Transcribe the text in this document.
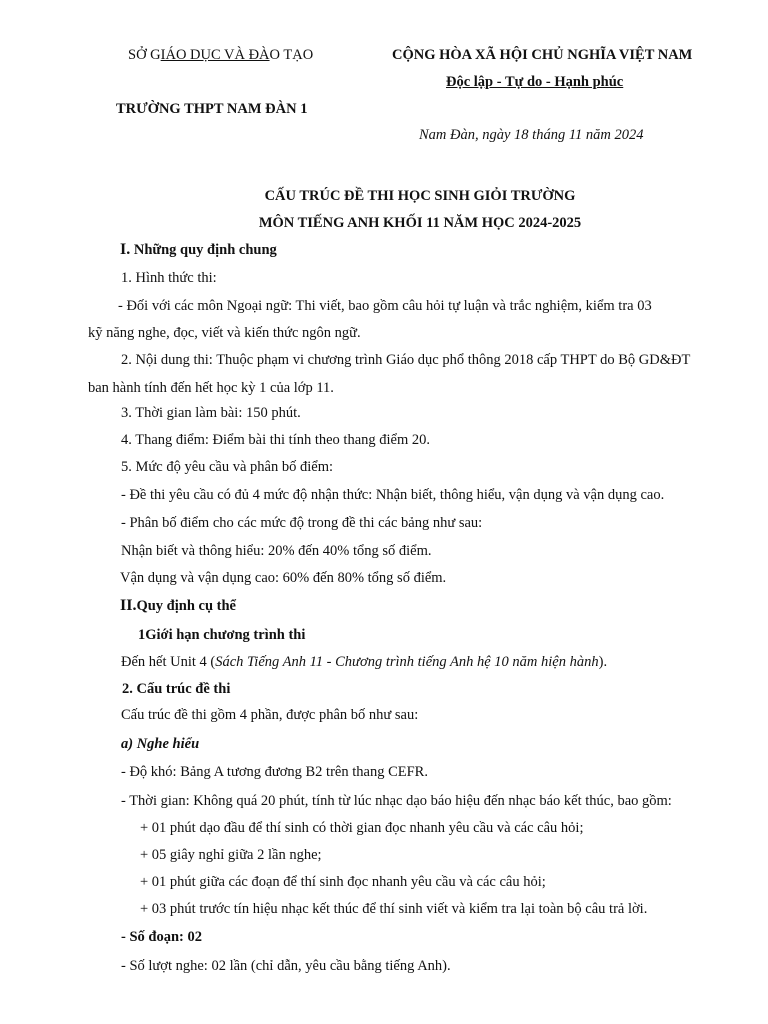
SỞ GIÁO DỤC VÀ ĐÀO TẠO
TRƯỜNG THPT NAM ĐÀN 1
CỘNG HÒA XÃ HỘI CHỦ NGHĨA VIỆT NAM
Độc lập - Tự do - Hạnh phúc
Nam Đàn, ngày 18 tháng 11 năm 2024
CẤU TRÚC ĐỀ THI HỌC SINH GIỎI TRƯỜNG
MÔN TIẾNG ANH KHỐI 11 NĂM HỌC 2024-2025
I. Những quy định chung
1. Hình thức thi:
- Đối với các môn Ngoại ngữ: Thi viết, bao gồm câu hỏi tự luận và trắc nghiệm, kiểm tra 03
kỹ năng nghe, đọc, viết và kiến thức ngôn ngữ.
2. Nội dung thi: Thuộc phạm vi chương trình Giáo dục phổ thông 2018 cấp THPT do Bộ GD&ĐT
ban hành tính đến hết học kỳ 1 của lớp 11.
3. Thời gian làm bài: 150 phút.
4. Thang điểm: Điểm bài thi tính theo thang điểm 20.
5. Mức độ yêu cầu và phân bố điểm:
- Đề thi yêu cầu có đủ 4 mức độ nhận thức: Nhận biết, thông hiểu, vận dụng và vận dụng cao.
- Phân bố điểm cho các mức độ trong đề thi các bảng như sau:
Nhận biết và thông hiểu: 20% đến 40% tổng số điểm.
Vận dụng và vận dụng cao: 60% đến 80% tổng số điểm.
II.Quy định cụ thể
1Giới hạn chương trình thi
Đến hết Unit 4 (Sách Tiếng Anh 11 - Chương trình tiếng Anh hệ 10 năm hiện hành).
2. Cấu trúc đề thi
Cấu trúc đề thi gồm 4 phần, được phân bố như sau:
a) Nghe hiểu
- Độ khó: Bảng A tương đương B2 trên thang CEFR.
- Thời gian: Không quá 20 phút, tính từ lúc nhạc dạo báo hiệu đến nhạc báo kết thúc, bao gồm:
+ 01 phút dạo đầu để thí sinh có thời gian đọc nhanh yêu cầu và các câu hỏi;
+ 05 giây nghỉ giữa 2 lần nghe;
+ 01 phút giữa các đoạn để thí sinh đọc nhanh yêu cầu và các câu hỏi;
+ 03 phút trước tín hiệu nhạc kết thúc để thí sinh viết và kiểm tra lại toàn bộ câu trả lời.
- Số đoạn: 02
- Số lượt nghe: 02 lần (chỉ dẫn, yêu cầu bằng tiếng Anh).
